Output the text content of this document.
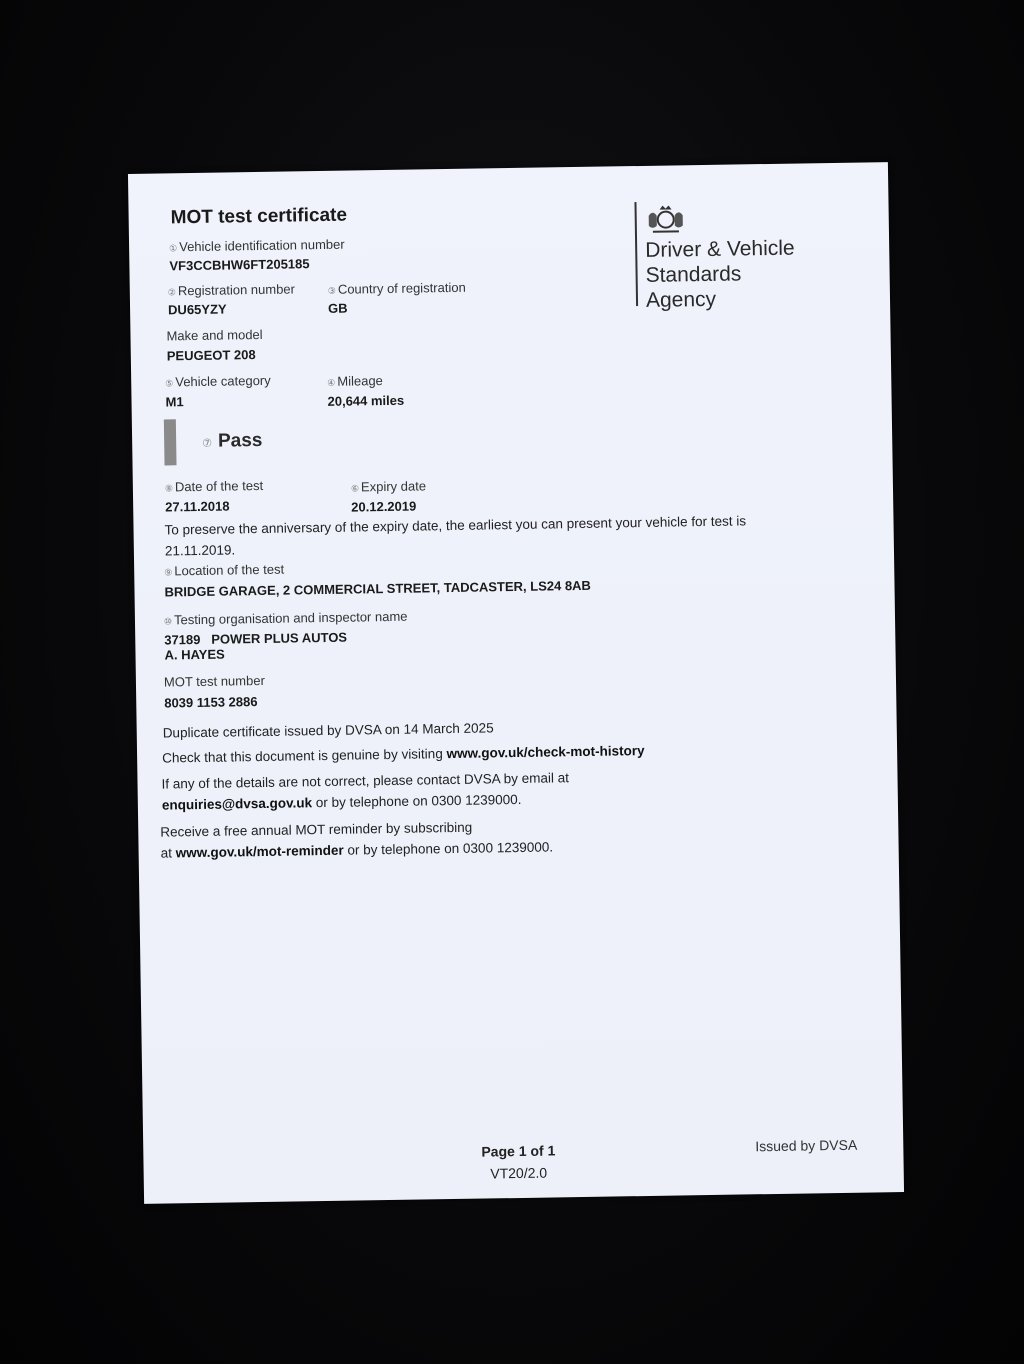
MOT test certificate
① Vehicle identification number
VF3CCBHW6FT205185
② Registration number
DU65YZY
③ Country of registration
GB
Make and model
PEUGEOT 208
⑤ Vehicle category
M1
④ Mileage
20,644 miles
⑦ Pass
⑧ Date of the test
27.11.2018
⑥ Expiry date
20.12.2019
To preserve the anniversary of the expiry date, the earliest you can present your vehicle for test is
21.11.2019.
⑨ Location of the test
BRIDGE GARAGE, 2 COMMERCIAL STREET, TADCASTER, LS24 8AB
⑩ Testing organisation and inspector name
37189   POWER PLUS AUTOS
A. HAYES
MOT test number
8039 1153 2886
Duplicate certificate issued by DVSA on 14 March 2025
Check that this document is genuine by visiting www.gov.uk/check-mot-history
If any of the details are not correct, please contact DVSA by email at
enquiries@dvsa.gov.uk or by telephone on 0300 1239000.
Receive a free annual MOT reminder by subscribing
at www.gov.uk/mot-reminder or by telephone on 0300 1239000.
Driver & Vehicle
Standards
Agency
Page 1 of 1
VT20/2.0
Issued by DVSA
